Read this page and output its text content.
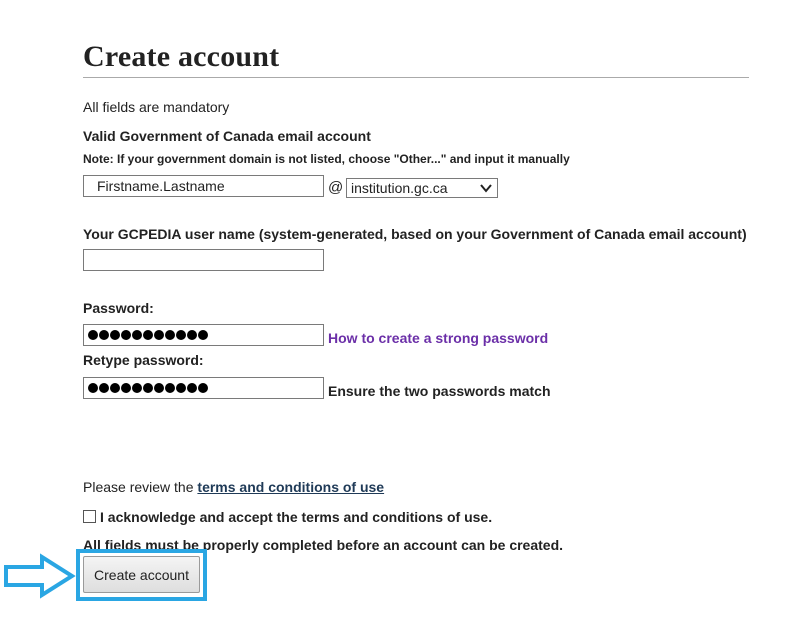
Create account
All fields are mandatory
Valid Government of Canada email account
Note: If your government domain is not listed, choose "Other..." and input it manually
Firstname.Lastname
@ institution.gc.ca
Your GCPEDIA user name (system-generated, based on your Government of Canada email account)
Password:
How to create a strong password
Retype password:
Ensure the two passwords match
Please review the terms and conditions of use
I acknowledge and accept the terms and conditions of use.
All fields must be properly completed before an account can be created.
Create account
